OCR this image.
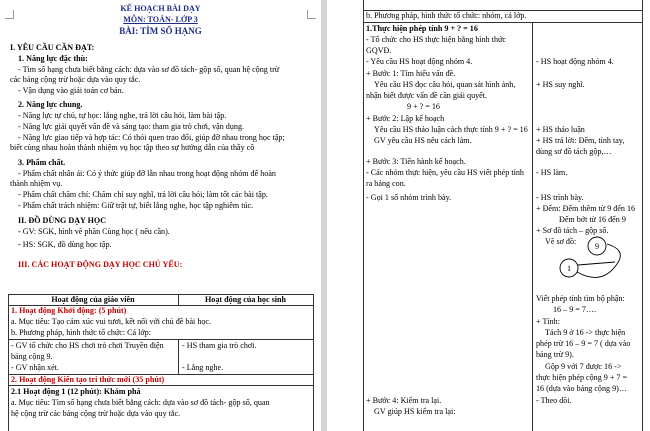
KẾ HOẠCH BÀI DẠY
MÔN: TOÁN- LỚP 3
BÀI: TÌM SỐ HẠNG
I. YÊU CẦU CẦN ĐẠT:
1. Năng lực đặc thù:
- Tìm số hạng chưa biết bằng cách: dựa vào sơ đồ tách- gộp số, quan hệ cộng trừ
các bảng cộng trừ hoặc dựa vào quy tắc.
- Vận dụng vào giải toán cơ bản.
2. Năng lực chung.
- Năng lực tự chủ, tự học: lắng nghe, trả lời câu hỏi, làm bài tập.
- Năng lực giải quyết vấn đề và sáng tạo: tham gia trò chơi, vận dụng.
- Năng lực giao tiếp và hợp tác: Có thói quen trao đổi, giúp đỡ nhau trong học tập;
biết cùng nhau hoàn thành nhiệm vụ học tập theo sự hướng dẫn của thầy cô
3. Phẩm chất.
- Phẩm chất nhân ái: Có ý thức giúp đỡ lẫn nhau trong hoạt động nhóm để hoàn
thành nhiệm vụ.
- Phẩm chất chăm chỉ: Chăm chỉ suy nghĩ, trả lời câu hỏi; làm tốt các bài tập.
- Phẩm chất trách nhiệm: Giữ trật tự, biết lắng nghe, học tập nghiêm túc.
II. ĐỒ DÙNG DẠY HỌC
- GV: SGK, hình vẽ phần Cùng học ( nếu cần).
- HS: SGK, đồ dùng học tập.
III. CÁC HOẠT ĐỘNG DẠY HỌC CHỦ YẾU:
Hoạt động của giáo viên	Hoạt động của học sinh
1. Hoạt động Khởi động: (5 phút)
a. Mục tiêu: Tạo cảm xúc vui tươi, kết nối với chủ đề bài học.
b. Phương pháp, hình thức tổ chức: Cá lớp:
- GV tổ chức cho HS chơi trò chơi Truyền điện
bảng cộng 9.
- GV nhận xét.
- HS tham gia trò chơi.
- Lắng nghe.
2. Hoạt động Kiến tạo tri thức mới (35 phút)
2.1 Hoạt động 1 (12 phút): Khám phá
a. Mục tiêu: Tìm số hạng chưa biết bằng cách: dựa vào sơ đồ tách- gộp số, quan
hệ cộng trừ các bảng cộng trừ hoặc dựa vào quy tắc.
b. Phương pháp, hình thức tổ chức: nhóm, cả lớp.
1.Thực hiện phép tính 9 + ? = 16
- Tổ chức cho HS thực hiện bằng hình thức
GQVĐ.
- Yêu cầu HS hoạt động nhóm 4.
+ Bước 1: Tìm hiểu vấn đề.
Yêu cầu HS đọc câu hỏi, quan sát hình ảnh,
nhận biết được vấn đề cần giải quyết.
9 + ? = 16
+ Bước 2: Lập kế hoạch
Yêu cầu HS thảo luận cách thực tính 9 + ? = 16
GV yêu cầu HS nêu cách làm.
+ Bước 3: Tiến hành kế hoạch.
- Các nhóm thực hiện, yêu cầu HS viết phép tính
ra bảng con.
- Gọi 1 số nhóm trình bày.
+ Bước 4: Kiểm tra lại.
GV giúp HS kiểm tra lại:
- HS hoạt động nhóm 4.
+ HS suy nghĩ.
+ HS thảo luận
+ HS trả lời: Đếm, tính tay,
dùng sơ đồ tách gộp,…
- HS làm.
- HS trình bày.
+ Đếm: Đếm thêm từ 9 đến 16
Đếm bớt từ 16 đến 9
+ Sơ đồ tách – gộp số.
Vẽ sơ đồ:
9
1
Viết phép tính tìm bộ phận:
16 – 9 = 7….
+ Tính:
Tách 9 ở 16 -> thực hiện
phép trừ 16 – 9 = 7 ( dựa vào
bảng trừ 9).
Gộp 9 với 7 được 16 ->
thực hiện phép cộng 9 + 7 =
16 (dựa vào bảng cộng 9)…
- Theo dõi.
